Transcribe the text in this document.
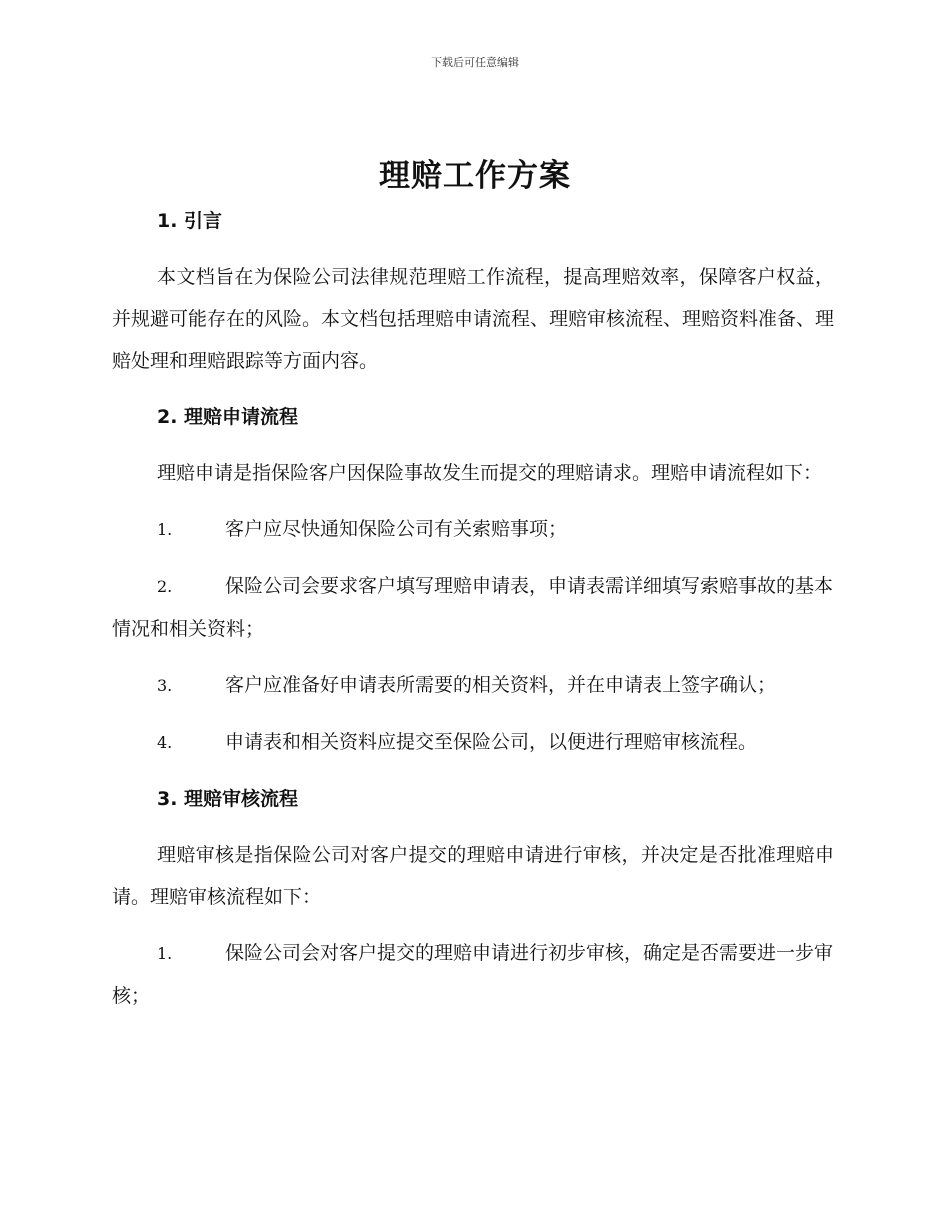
下载后可任意编辑
理赔工作方案

1. 引言

本文档旨在为保险公司法律规范理赔工作流程，提高理赔效率，保障客户权益，并规避可能存在的风险。本文档包括理赔申请流程、理赔审核流程、理赔资料准备、理赔处理和理赔跟踪等方面内容。

2. 理赔申请流程

理赔申请是指保险客户因保险事故发生而提交的理赔请求。理赔申请流程如下：

1.	客户应尽快通知保险公司有关索赔事项；

2.	保险公司会要求客户填写理赔申请表，申请表需详细填写索赔事故的基本情况和相关资料；

3.	客户应准备好申请表所需要的相关资料，并在申请表上签字确认；

4.	申请表和相关资料应提交至保险公司，以便进行理赔审核流程。

3. 理赔审核流程

理赔审核是指保险公司对客户提交的理赔申请进行审核，并决定是否批准理赔申请。理赔审核流程如下：

1.	保险公司会对客户提交的理赔申请进行初步审核，确定是否需要进一步审核；
